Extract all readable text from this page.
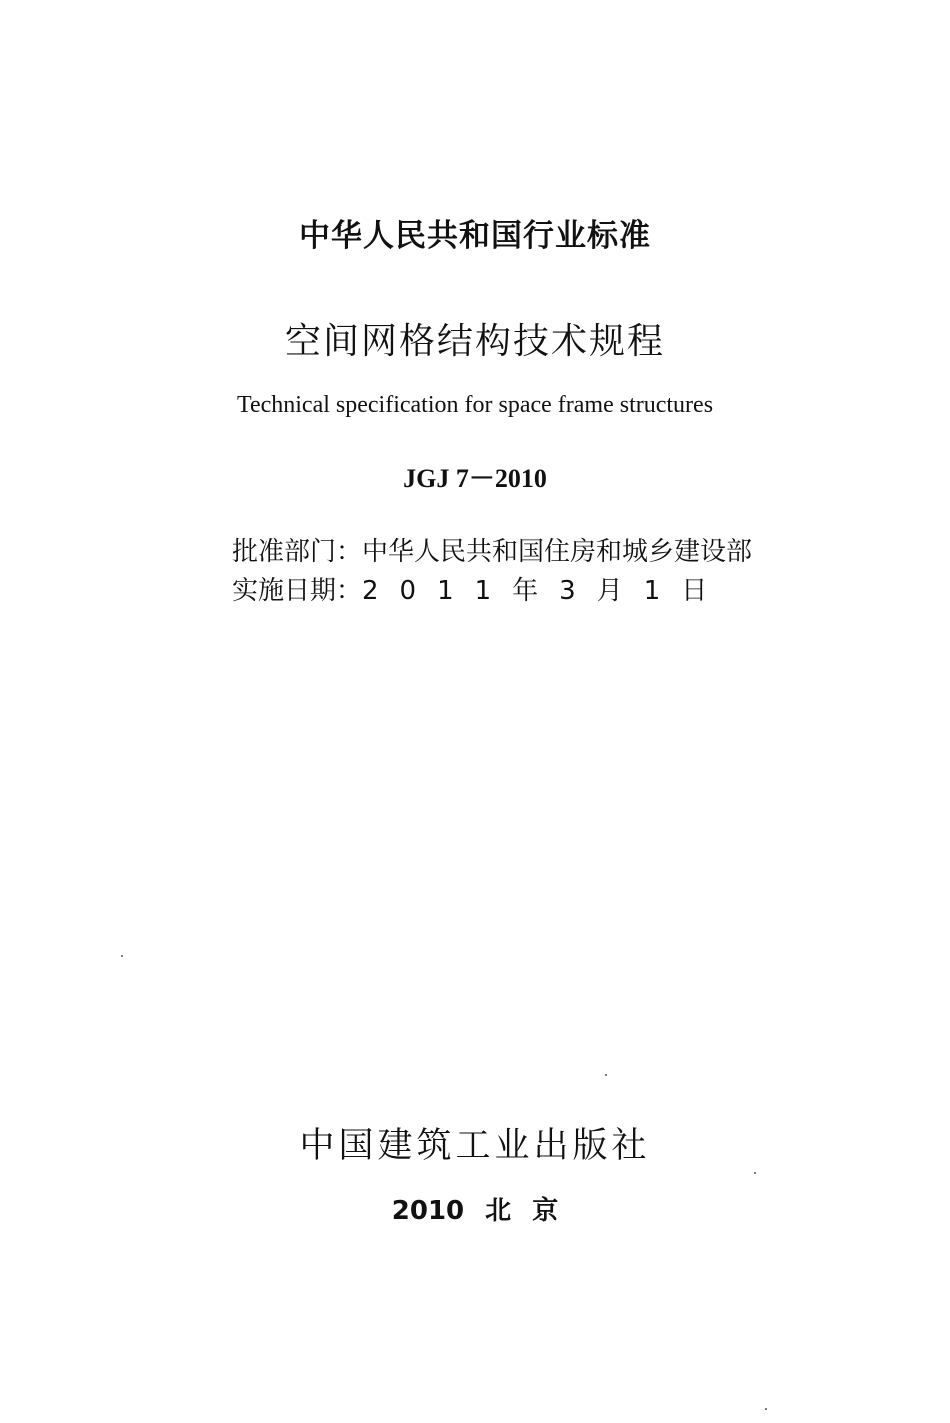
中华人民共和国行业标准
空间网格结构技术规程
Technical specification for space frame structures
JGJ 7－2010
批准部门： 中华人民共和国住房和城乡建设部
实施日期： 2011年3月1日
中国建筑工业出版社
2010 北 京
